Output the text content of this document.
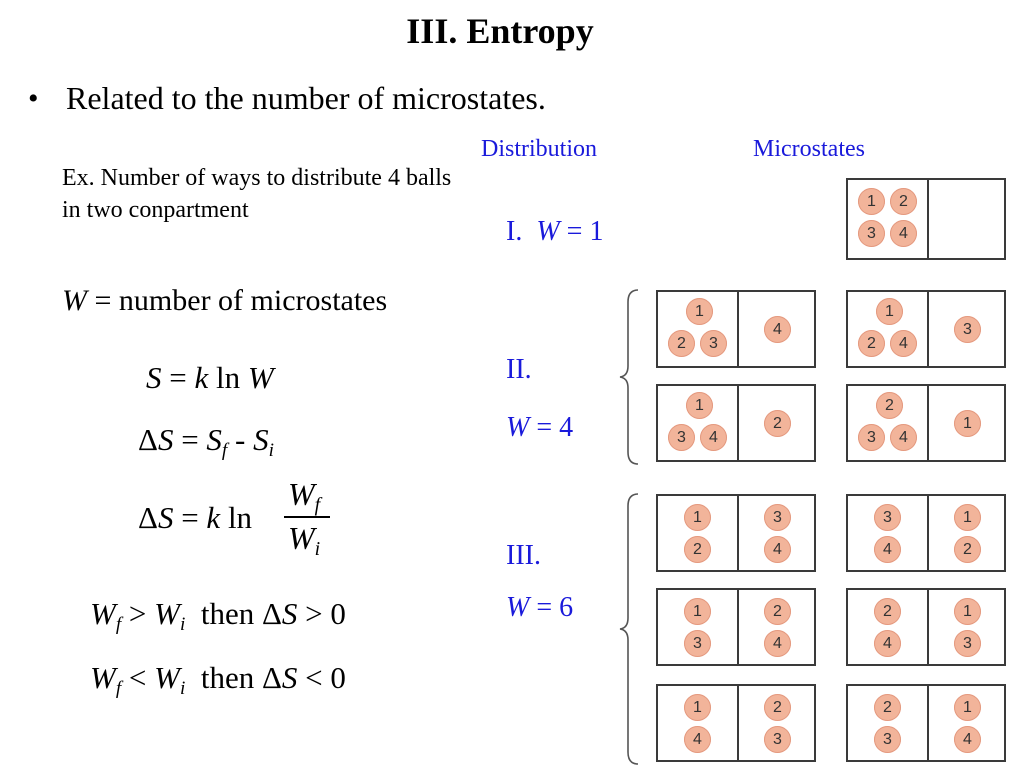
III. Entropy
• Related to the number of microstates.
Distribution	Microstates
Ex. Number of ways to distribute 4 balls in two conpartment
W = number of microstates
S = k ln W
$\Delta S = S_f - S_i$
ΔS = k ln
$W_f$
$W_i$
$W_f > W_i$  then ΔS > 0
$W_f < W_i$  then ΔS < 0
I. W = 1
II.
W = 4
III.
W = 6
1	2
3	4
1
2	3
4
1
2	4
3
1
3	4
2
2
3	4
1
1
2
3
4
3
4
1
2
1
3
2
4
2
4
1
3
1
4
2
3
2
3
1
4
